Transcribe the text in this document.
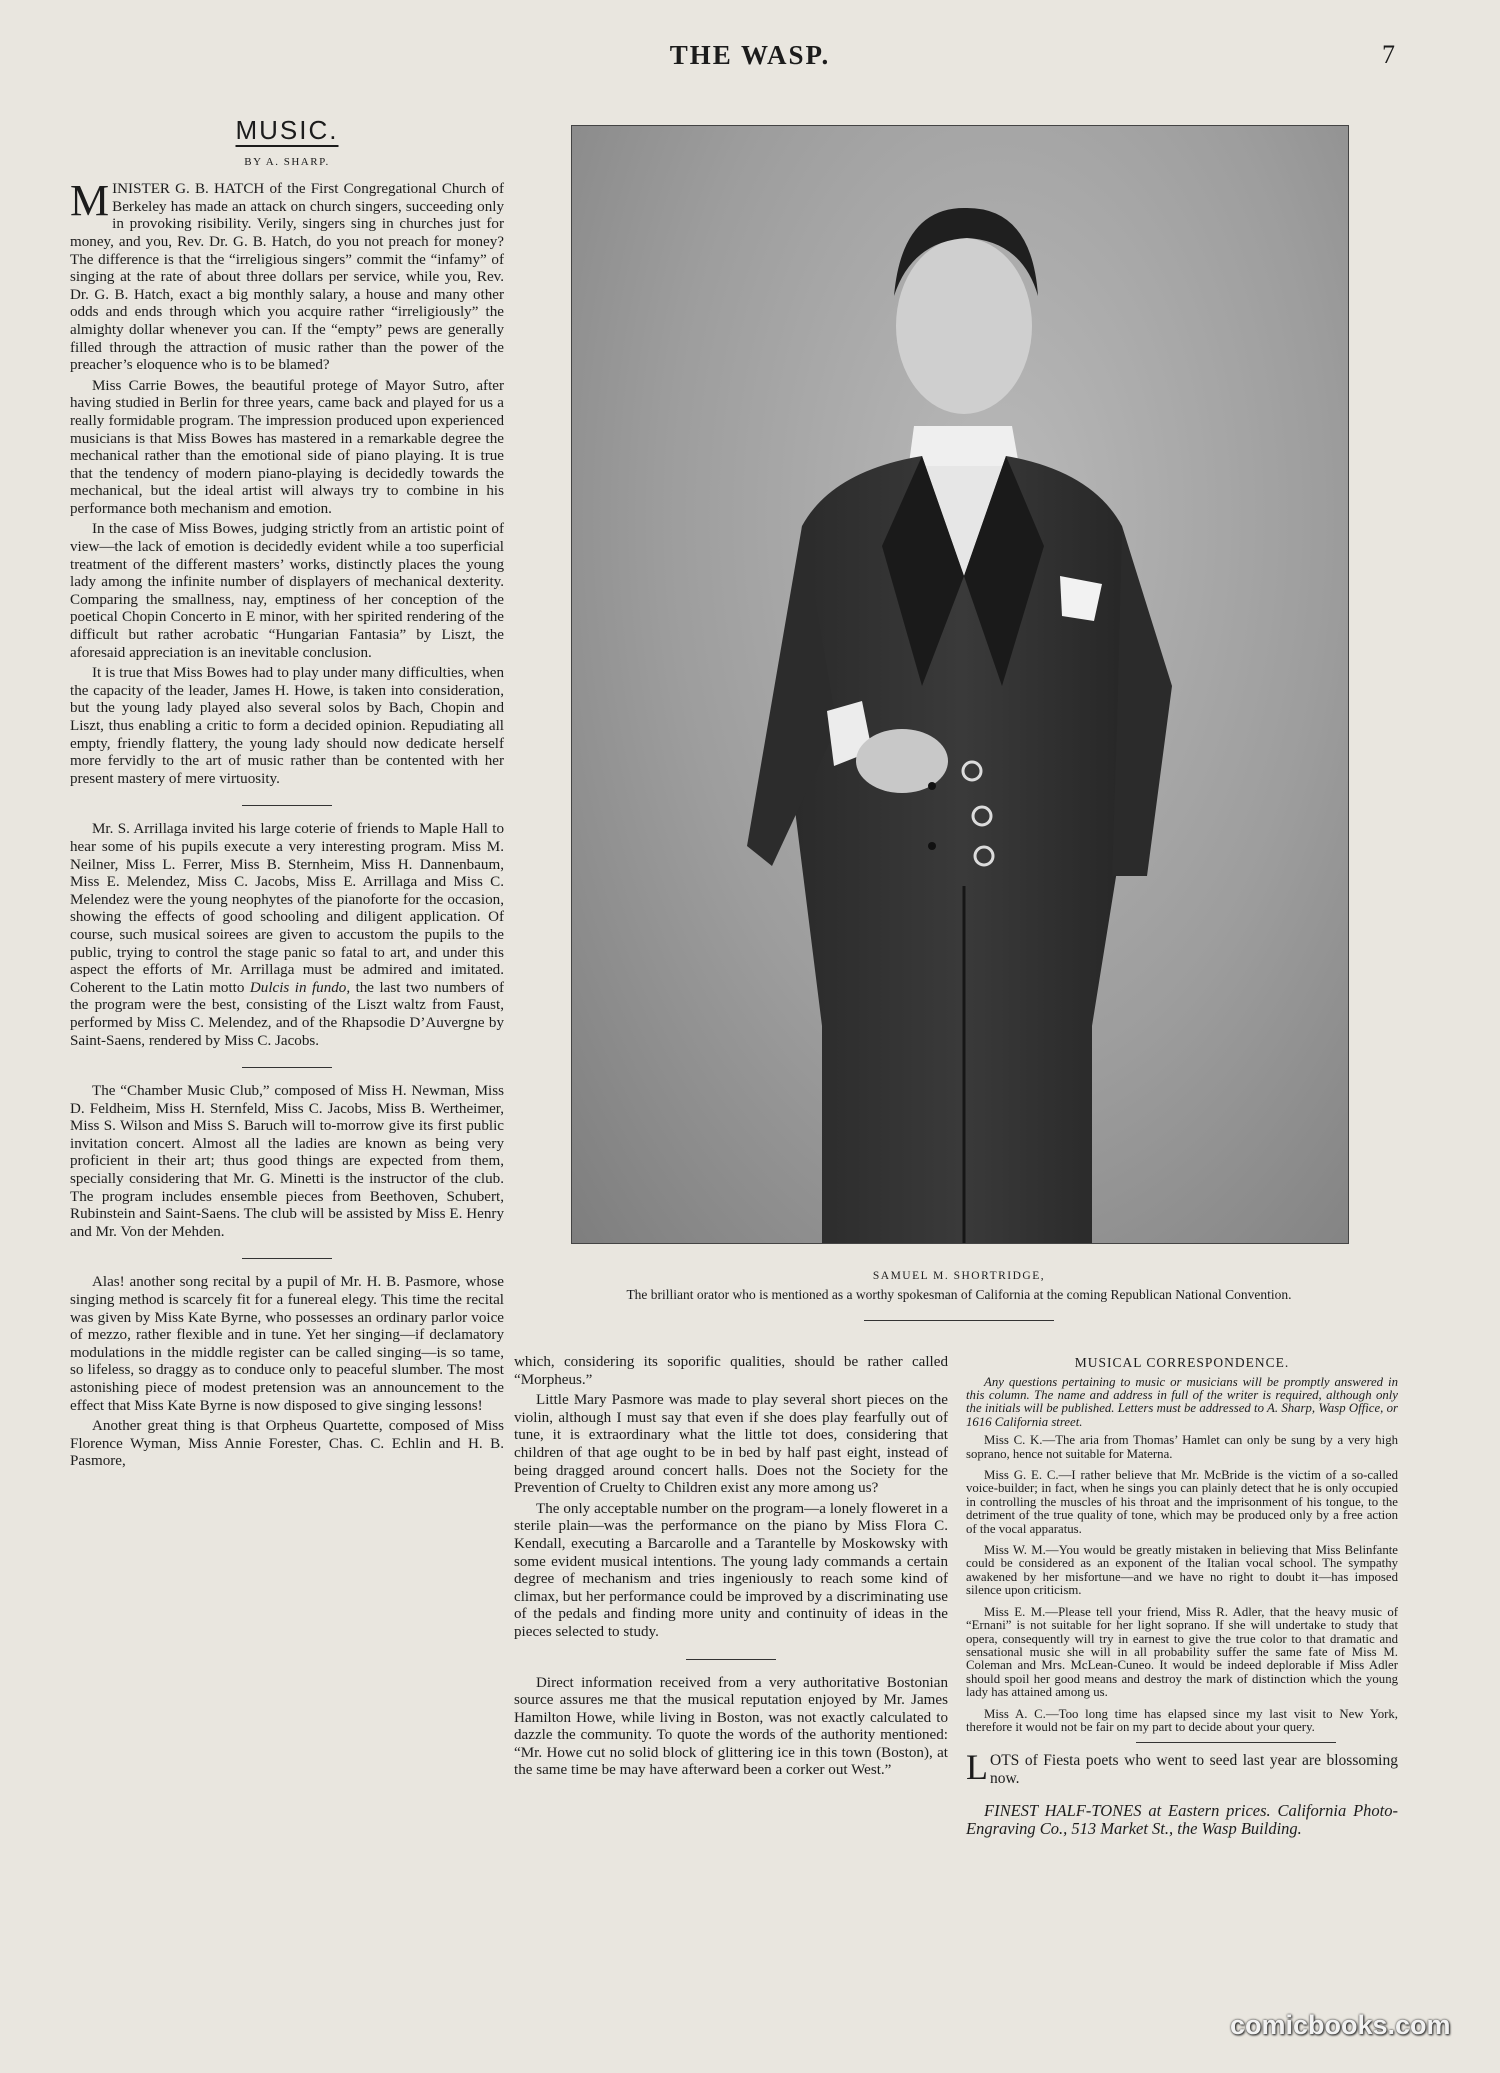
THE WASP.	7
MUSIC.
BY A. SHARP.

MINISTER G. B. HATCH of the First Congregational Church of Berkeley has made an attack on church singers, succeeding only in provoking risibility. Verily, singers sing in churches just for money, and you, Rev. Dr. G. B. Hatch, do you not preach for money? The difference is that the “irreligious singers” commit the “infamy” of singing at the rate of about three dollars per service, while you, Rev. Dr. G. B. Hatch, exact a big monthly salary, a house and many other odds and ends through which you acquire rather “irreligiously” the almighty dollar whenever you can. If the “empty” pews are generally filled through the attraction of music rather than the power of the preacher’s eloquence who is to be blamed?

Miss Carrie Bowes, the beautiful protege of Mayor Sutro, after having studied in Berlin for three years, came back and played for us a really formidable program. The impression produced upon experienced musicians is that Miss Bowes has mastered in a remarkable degree the mechanical rather than the emotional side of piano playing. It is true that the tendency of modern piano-playing is decidedly towards the mechanical, but the ideal artist will always try to combine in his performance both mechanism and emotion.

In the case of Miss Bowes, judging strictly from an artistic point of view—the lack of emotion is decidedly evident while a too superficial treatment of the different masters’ works, distinctly places the young lady among the infinite number of displayers of mechanical dexterity. Comparing the smallness, nay, emptiness of her conception of the poetical Chopin Concerto in E minor, with her spirited rendering of the difficult but rather acrobatic “Hungarian Fantasia” by Liszt, the aforesaid appreciation is an inevitable conclusion.

It is true that Miss Bowes had to play under many difficulties, when the capacity of the leader, James H. Howe, is taken into consideration, but the young lady played also several solos by Bach, Chopin and Liszt, thus enabling a critic to form a decided opinion. Repudiating all empty, friendly flattery, the young lady should now dedicate herself more fervidly to the art of music rather than be contented with her present mastery of mere virtuosity.

Mr. S. Arrillaga invited his large coterie of friends to Maple Hall to hear some of his pupils execute a very interesting program. Miss M. Neilner, Miss L. Ferrer, Miss B. Sternheim, Miss H. Dannenbaum, Miss E. Melendez, Miss C. Jacobs, Miss E. Arrillaga and Miss C. Melendez were the young neophytes of the pianoforte for the occasion, showing the effects of good schooling and diligent application. Of course, such musical soirees are given to accustom the pupils to the public, trying to control the stage panic so fatal to art, and under this aspect the efforts of Mr. Arrillaga must be admired and imitated. Coherent to the Latin motto Dulcis in fundo, the last two numbers of the program were the best, consisting of the Liszt waltz from Faust, performed by Miss C. Melendez, and of the Rhapsodie D’Auvergne by Saint-Saens, rendered by Miss C. Jacobs.

The “Chamber Music Club,” composed of Miss H. Newman, Miss D. Feldheim, Miss H. Sternfeld, Miss C. Jacobs, Miss B. Wertheimer, Miss S. Wilson and Miss S. Baruch will to-morrow give its first public invitation concert. Almost all the ladies are known as being very proficient in their art; thus good things are expected from them, specially considering that Mr. G. Minetti is the instructor of the club. The program includes ensemble pieces from Beethoven, Schubert, Rubinstein and Saint-Saens. The club will be assisted by Miss E. Henry and Mr. Von der Mehden.

Alas! another song recital by a pupil of Mr. H. B. Pasmore, whose singing method is scarcely fit for a funereal elegy. This time the recital was given by Miss Kate Byrne, who possesses an ordinary parlor voice of mezzo, rather flexible and in tune. Yet her singing—if declamatory modulations in the middle register can be called singing—is so tame, so lifeless, so draggy as to conduce only to peaceful slumber. The most astonishing piece of modest pretension was an announcement to the effect that Miss Kate Byrne is now disposed to give singing lessons!

Another great thing is that Orpheus Quartette, composed of Miss Florence Wyman, Miss Annie Forester, Chas. C. Echlin and H. B. Pasmore,

SAMUEL M. SHORTRIDGE,
The brilliant orator who is mentioned as a worthy spokesman of California at the coming Republican National Convention.

which, considering its soporific qualities, should be rather called “Morpheus.”

Little Mary Pasmore was made to play several short pieces on the violin, although I must say that even if she does play fearfully out of tune, it is extraordinary what the little tot does, considering that children of that age ought to be in bed by half past eight, instead of being dragged around concert halls. Does not the Society for the Prevention of Cruelty to Children exist any more among us?

The only acceptable number on the program—a lonely floweret in a sterile plain—was the performance on the piano by Miss Flora C. Kendall, executing a Barcarolle and a Tarantelle by Moskowsky with some evident musical intentions. The young lady commands a certain degree of mechanism and tries ingeniously to reach some kind of climax, but her performance could be improved by a discriminating use of the pedals and finding more unity and continuity of ideas in the pieces selected to study.

Direct information received from a very authoritative Bostonian source assures me that the musical reputation enjoyed by Mr. James Hamilton Howe, while living in Boston, was not exactly calculated to dazzle the community. To quote the words of the authority mentioned: “Mr. Howe cut no solid block of glittering ice in this town (Boston), at the same time be may have afterward been a corker out West.”

MUSICAL CORRESPONDENCE.
Any questions pertaining to music or musicians will be promptly answered in this column. The name and address in full of the writer is required, although only the initials will be published. Letters must be addressed to A. Sharp, Wasp Office, or 1616 California street.
Miss C. K.—The aria from Thomas’ Hamlet can only be sung by a very high soprano, hence not suitable for Materna.
Miss G. E. C.—I rather believe that Mr. McBride is the victim of a so-called voice-builder; in fact, when he sings you can plainly detect that he is only occupied in controlling the muscles of his throat and the imprisonment of his tongue, to the detriment of the true quality of tone, which may be produced only by a free action of the vocal apparatus.
Miss W. M.—You would be greatly mistaken in believing that Miss Belinfante could be considered as an exponent of the Italian vocal school. The sympathy awakened by her misfortune—and we have no right to doubt it—has imposed silence upon criticism.
Miss E. M.—Please tell your friend, Miss R. Adler, that the heavy music of “Ernani” is not suitable for her light soprano. If she will undertake to study that opera, consequently will try in earnest to give the true color to that dramatic and sensational music she will in all probability suffer the same fate of Miss M. Coleman and Mrs. McLean-Cuneo. It would be indeed deplorable if Miss Adler should spoil her good means and destroy the mark of distinction which the young lady has attained among us.
Miss A. C.—Too long time has elapsed since my last visit to New York, therefore it would not be fair on my part to decide about your query.
LOTS of Fiesta poets who went to seed last year are blossoming now.
FINEST HALF-TONES at Eastern prices. California Photo-Engraving Co., 513 Market St., the Wasp Building.
comicbooks.com
